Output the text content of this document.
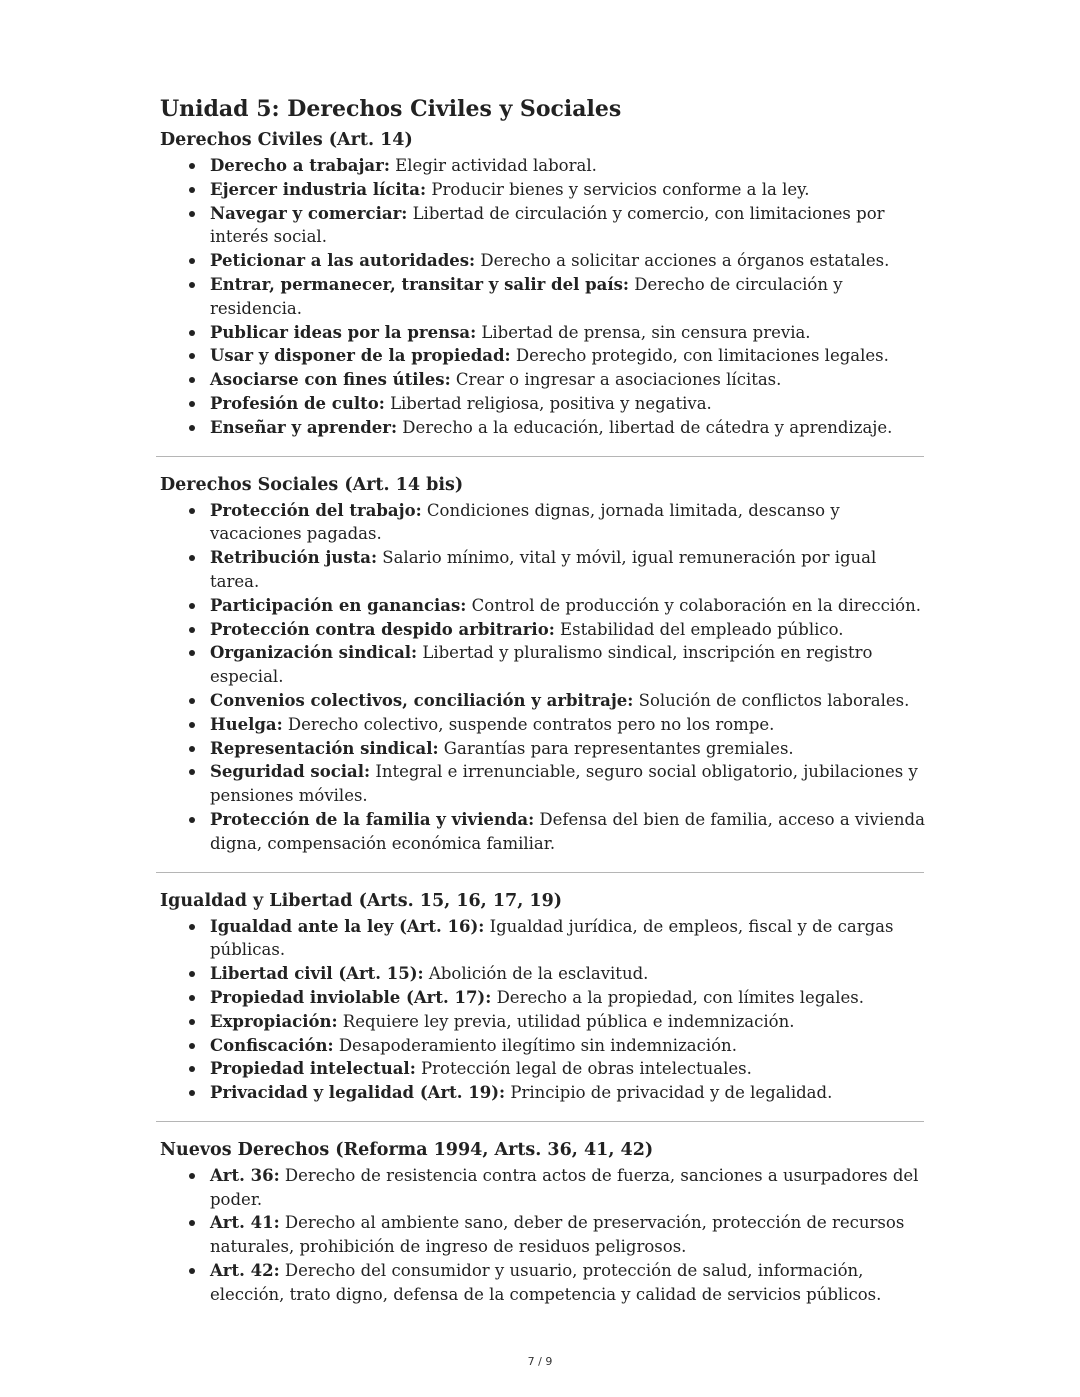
Unidad 5: Derechos Civiles y Sociales
Derechos Civiles (Art. 14)
Derecho a trabajar: Elegir actividad laboral.
Ejercer industria lícita: Producir bienes y servicios conforme a la ley.
Navegar y comerciar: Libertad de circulación y comercio, con limitaciones por interés social.
Peticionar a las autoridades: Derecho a solicitar acciones a órganos estatales.
Entrar, permanecer, transitar y salir del país: Derecho de circulación y residencia.
Publicar ideas por la prensa: Libertad de prensa, sin censura previa.
Usar y disponer de la propiedad: Derecho protegido, con limitaciones legales.
Asociarse con fines útiles: Crear o ingresar a asociaciones lícitas.
Profesión de culto: Libertad religiosa, positiva y negativa.
Enseñar y aprender: Derecho a la educación, libertad de cátedra y aprendizaje.
Derechos Sociales (Art. 14 bis)
Protección del trabajo: Condiciones dignas, jornada limitada, descanso y vacaciones pagadas.
Retribución justa: Salario mínimo, vital y móvil, igual remuneración por igual tarea.
Participación en ganancias: Control de producción y colaboración en la dirección.
Protección contra despido arbitrario: Estabilidad del empleado público.
Organización sindical: Libertad y pluralismo sindical, inscripción en registro especial.
Convenios colectivos, conciliación y arbitraje: Solución de conflictos laborales.
Huelga: Derecho colectivo, suspende contratos pero no los rompe.
Representación sindical: Garantías para representantes gremiales.
Seguridad social: Integral e irrenunciable, seguro social obligatorio, jubilaciones y pensiones móviles.
Protección de la familia y vivienda: Defensa del bien de familia, acceso a vivienda digna, compensación económica familiar.
Igualdad y Libertad (Arts. 15, 16, 17, 19)
Igualdad ante la ley (Art. 16): Igualdad jurídica, de empleos, fiscal y de cargas públicas.
Libertad civil (Art. 15): Abolición de la esclavitud.
Propiedad inviolable (Art. 17): Derecho a la propiedad, con límites legales.
Expropiación: Requiere ley previa, utilidad pública e indemnización.
Confiscación: Desapoderamiento ilegítimo sin indemnización.
Propiedad intelectual: Protección legal de obras intelectuales.
Privacidad y legalidad (Art. 19): Principio de privacidad y de legalidad.
Nuevos Derechos (Reforma 1994, Arts. 36, 41, 42)
Art. 36: Derecho de resistencia contra actos de fuerza, sanciones a usurpadores del poder.
Art. 41: Derecho al ambiente sano, deber de preservación, protección de recursos naturales, prohibición de ingreso de residuos peligrosos.
Art. 42: Derecho del consumidor y usuario, protección de salud, información, elección, trato digno, defensa de la competencia y calidad de servicios públicos.
7 / 9
